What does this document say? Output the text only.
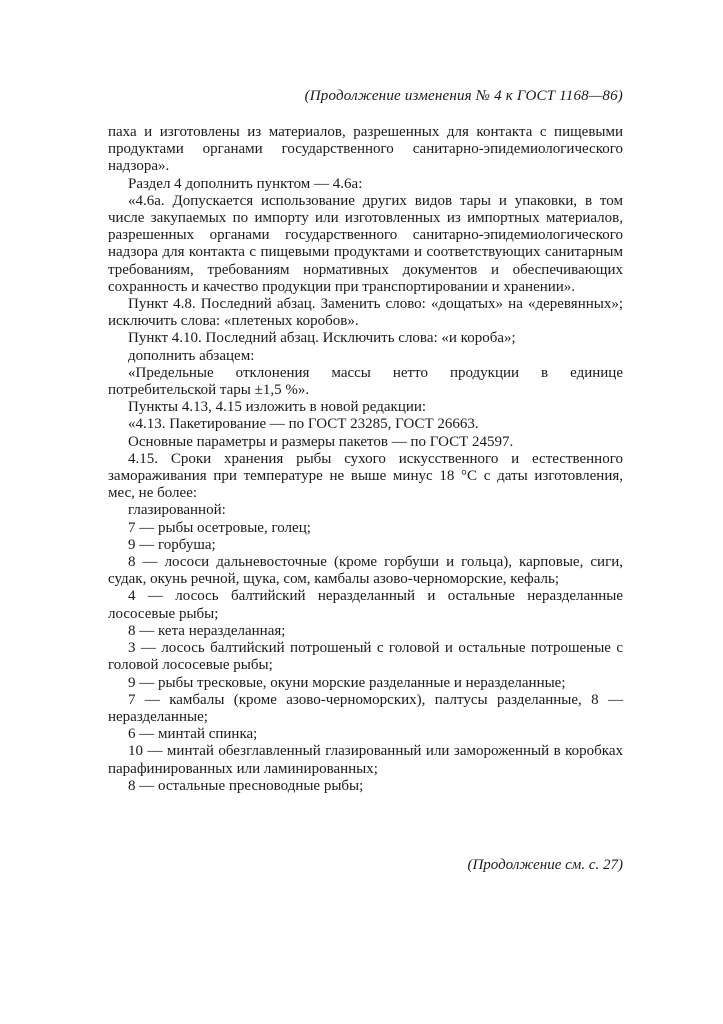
(Продолжение изменения № 4 к ГОСТ 1168—86)

паха и изготовлены из материалов, разрешенных для контакта с пищевыми продуктами органами государственного санитарно-эпидемиологического надзора».

Раздел 4 дополнить пунктом — 4.6а:

«4.6а. Допускается использование других видов тары и упаковки, в том числе закупаемых по импорту или изготовленных из импортных материалов, разрешенных органами государственного санитарно-эпидемиологического надзора для контакта с пищевыми продуктами и соответствующих санитарным требованиям, требованиям нормативных документов и обеспечивающих сохранность и качество продукции при транспортировании и хранении».

Пункт 4.8. Последний абзац. Заменить слово: «дощатых» на «деревянных»; исключить слова: «плетеных коробов».

Пункт 4.10. Последний абзац. Исключить слова: «и короба»;

дополнить абзацем:

«Предельные отклонения массы нетто продукции в единице потребительской тары ±1,5 %».

Пункты 4.13, 4.15 изложить в новой редакции:

«4.13. Пакетирование — по ГОСТ 23285, ГОСТ 26663.

Основные параметры и размеры пакетов — по ГОСТ 24597.

4.15. Сроки хранения рыбы сухого искусственного и естественного замораживания при температуре не выше минус 18 °С с даты изготовления, мес, не более:

глазированной:

7 — рыбы осетровые, голец;

9 — горбуша;

8 — лососи дальневосточные (кроме горбуши и гольца), карповые, сиги, судак, окунь речной, щука, сом, камбалы азово-черноморские, кефаль;

4 — лосось балтийский неразделанный и остальные неразделанные лососевые рыбы;

8 — кета неразделанная;

3 — лосось балтийский потрошеный с головой и остальные потрошеные с головой лососевые рыбы;

9 — рыбы тресковые, окуни морские разделанные и неразделанные;

7 — камбалы (кроме азово-черноморских), палтусы разделанные, 8 — неразделанные;

6 — минтай спинка;

10 — минтай обезглавленный глазированный или замороженный в коробках парафинированных или ламинированных;

8 — остальные пресноводные рыбы;

(Продолжение см. с. 27)
